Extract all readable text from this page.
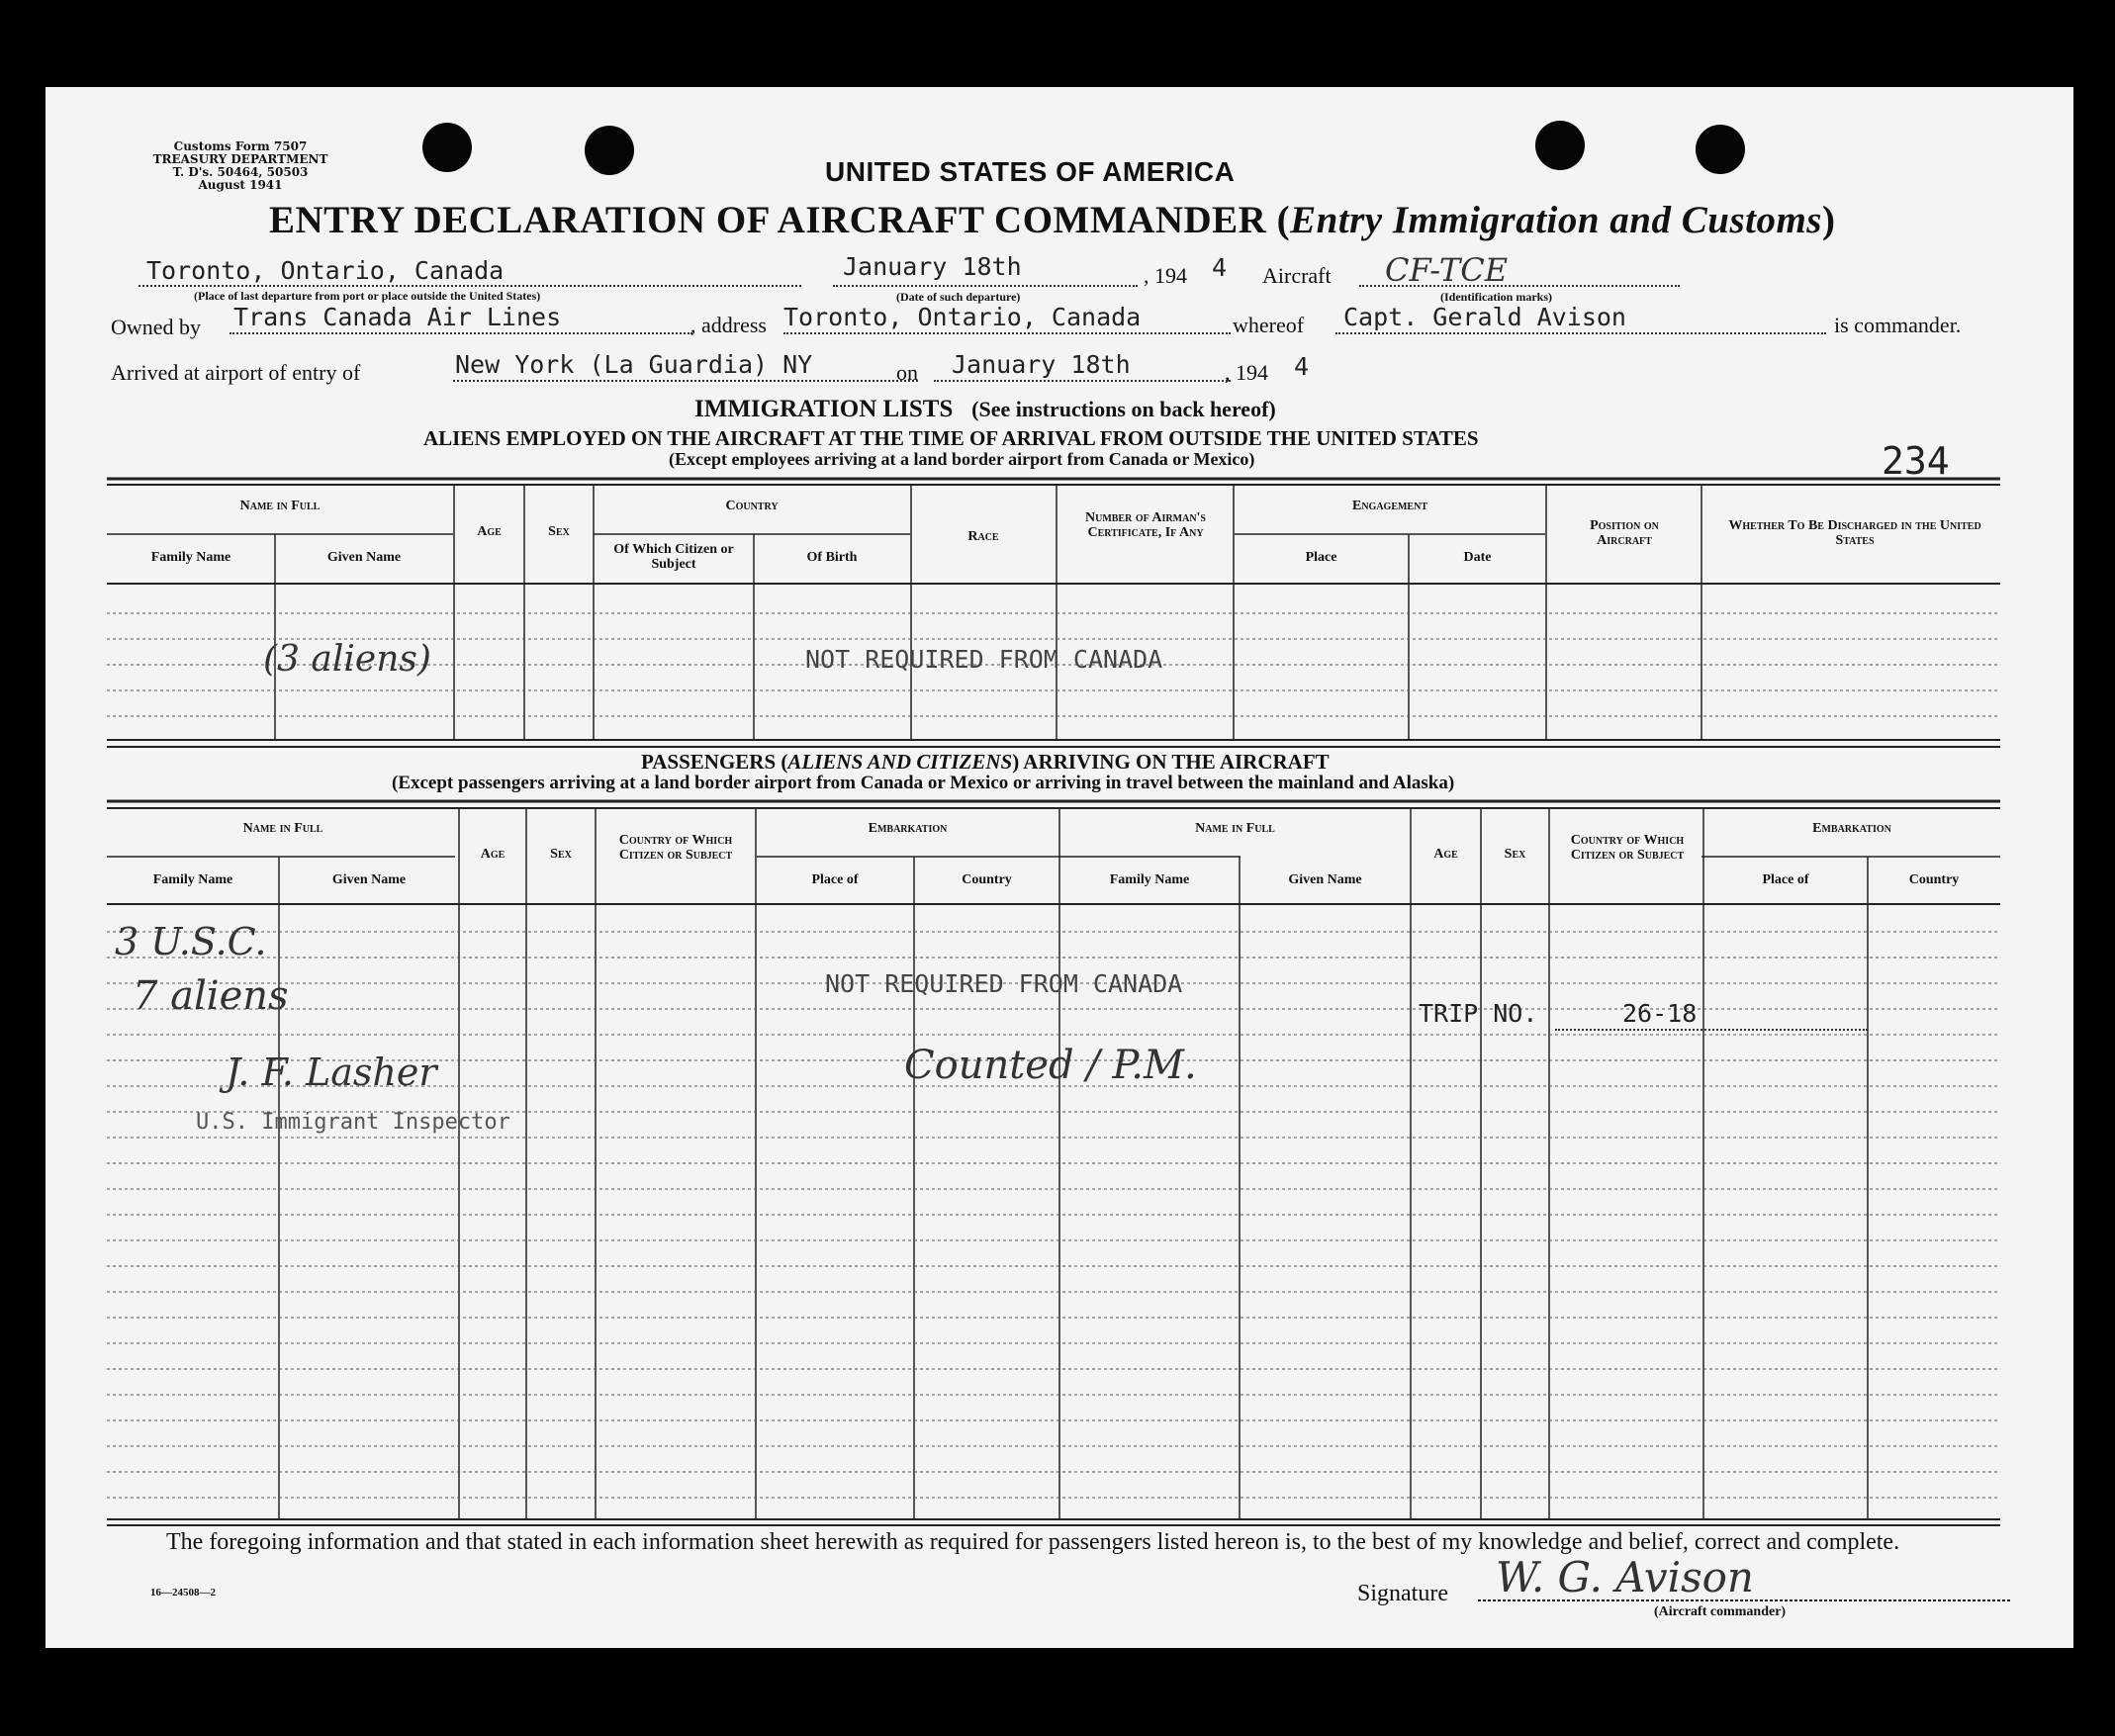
Customs Form 7507
TREASURY DEPARTMENT
T. D's. 50464, 50503
August 1941	UNITED STATES OF AMERICA
ENTRY DECLARATION OF AIRCRAFT COMMANDER (Entry Immigration and Customs)
Toronto, Ontario, Canada
(Place of last departure from port or place outside the United States)
January 18th
(Date of such departure)
, 194 4 Aircraft CF-TCE
(Identification marks)
Owned by Trans Canada Air Lines	, address Toronto, Ontario, Canada	whereof Capt. Gerald Avison	is commander.
Arrived at airport of entry of	New York (La Guardia) NY	on January 18th	, 194 4
IMMIGRATION LISTS (See instructions on back hereof)
ALIENS EMPLOYED ON THE AIRCRAFT AT THE TIME OF ARRIVAL FROM OUTSIDE THE UNITED STATES
(Except employees arriving at a land border airport from Canada or Mexico)	234
Name in Full
Family Name	Given Name
Age	Sex
Country
Of Which Citizen or Subject	Of Birth
Race
Number of Airman's Certificate, If Any
Engagement
Place	Date
Position on Aircraft
Whether To Be Discharged in the United States
NOT REQUIRED FROM CANADA
(3 aliens)
PASSENGERS (ALIENS AND CITIZENS) ARRIVING ON THE AIRCRAFT
(Except passengers arriving at a land border airport from Canada or Mexico or arriving in travel between the mainland and Alaska)
Name in Full
Family Name	Given Name
Age	Sex
Country of Which Citizen or Subject
Embarkation
Place of	Country
Name in Full
Family Name	Given Name
Age	Sex
Country of Which Citizen or Subject
Embarkation
Place of	Country
NOT REQUIRED FROM CANADA
TRIP NO.	26-18
3 U.S.C.
7 aliens
J. F. Lasher
U.S. Immigrant Inspector
Counted / P.M.
The foregoing information and that stated in each information sheet herewith as required for passengers listed hereon is, to the best of my knowledge and belief, correct and complete.
16—24508—2	Signature W. G. Avison
(Aircraft commander)
